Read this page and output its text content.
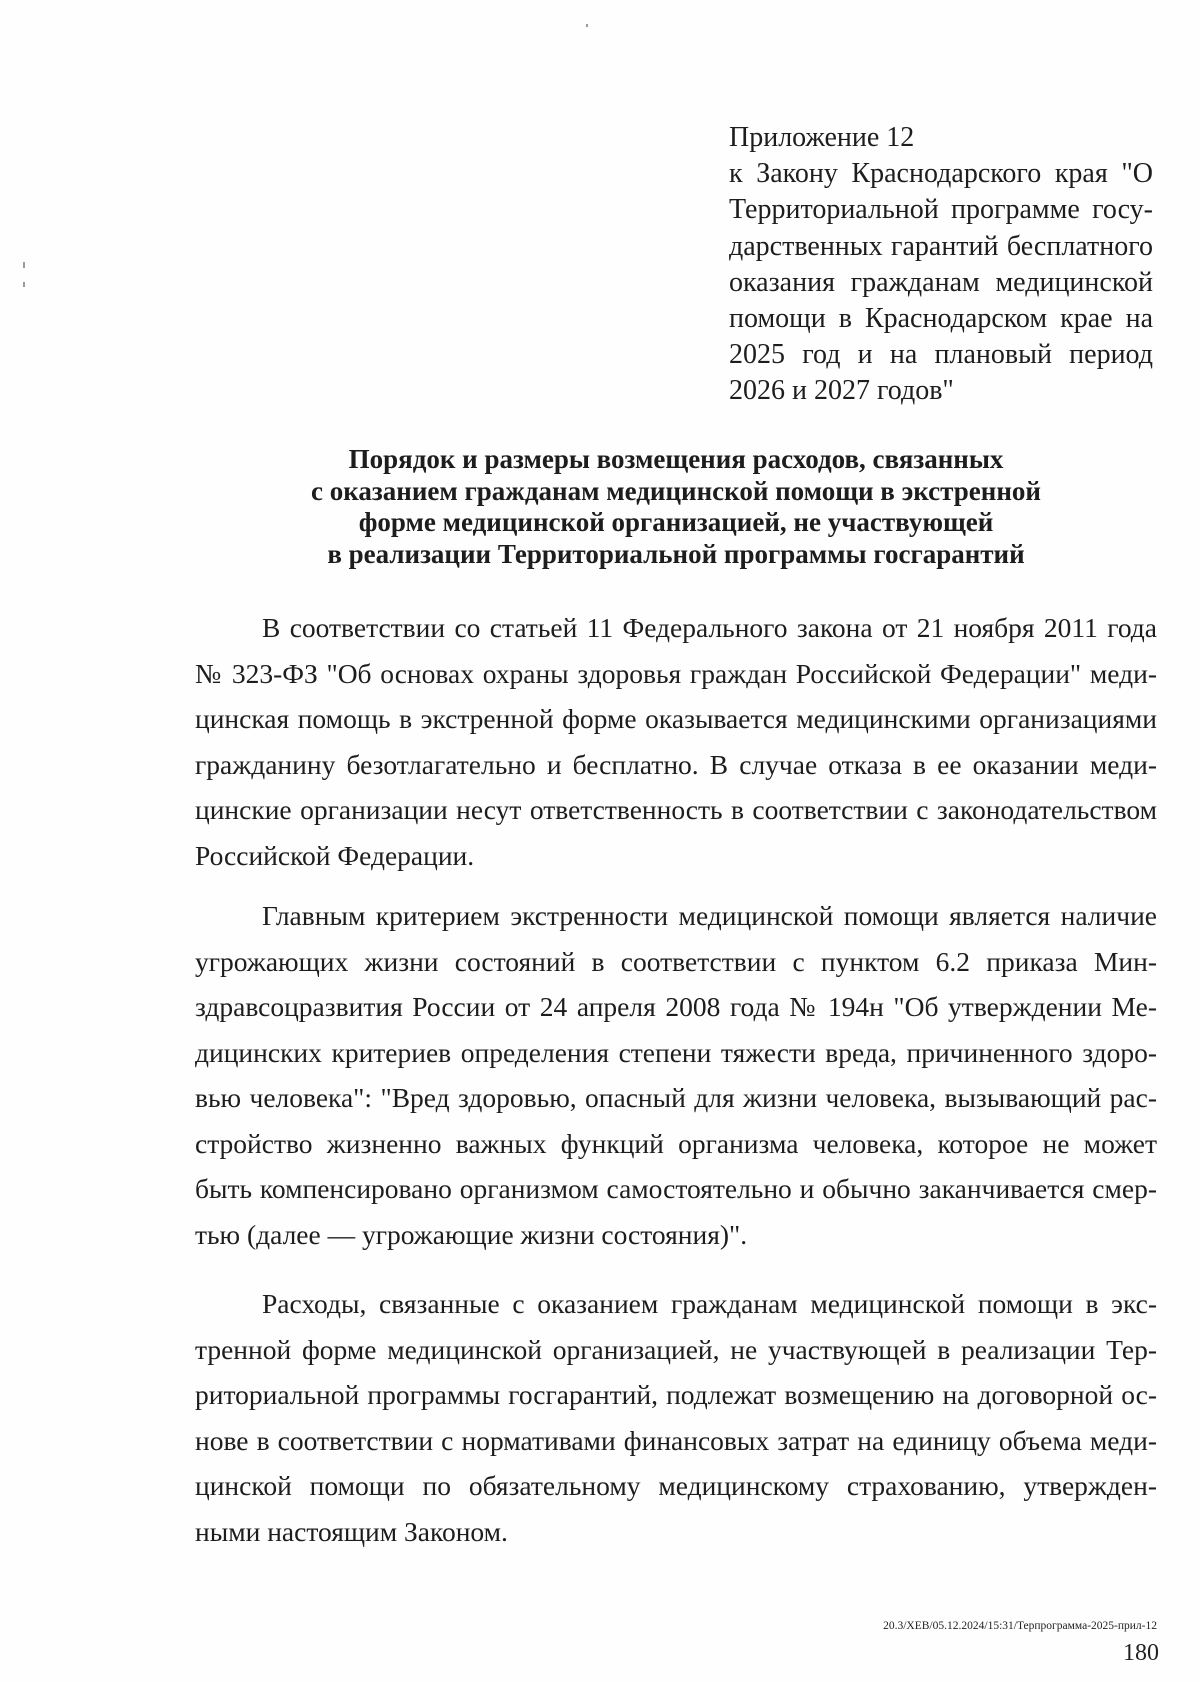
Приложение 12
к Закону Краснодарского края "О
Территориальной программе госу-
дарственных гарантий бесплатного
оказания гражданам медицинской
помощи в Краснодарском крае на
2025 год и на плановый период
2026 и 2027 годов"
Порядок и размеры возмещения расходов, связанных
с оказанием гражданам медицинской помощи в экстренной
форме медицинской организацией, не участвующей
в реализации Территориальной программы госгарантий
В соответствии со статьей 11 Федерального закона от 21 ноября 2011 года
№ 323-ФЗ "Об основах охраны здоровья граждан Российской Федерации" меди-
цинская помощь в экстренной форме оказывается медицинскими организациями
гражданину безотлагательно и бесплатно. В случае отказа в ее оказании меди-
цинские организации несут ответственность в соответствии с законодательством
Российской Федерации.
Главным критерием экстренности медицинской помощи является наличие
угрожающих жизни состояний в соответствии с пунктом 6.2 приказа Мин-
здравсоцразвития России от 24 апреля 2008 года № 194н "Об утверждении Ме-
дицинских критериев определения степени тяжести вреда, причиненного здоро-
вью человека": "Вред здоровью, опасный для жизни человека, вызывающий рас-
стройство жизненно важных функций организма человека, которое не может
быть компенсировано организмом самостоятельно и обычно заканчивается смер-
тью (далее — угрожающие жизни состояния)".
Расходы, связанные с оказанием гражданам медицинской помощи в экс-
тренной форме медицинской организацией, не участвующей в реализации Тер-
риториальной программы госгарантий, подлежат возмещению на договорной ос-
нове в соответствии с нормативами финансовых затрат на единицу объема меди-
цинской помощи по обязательному медицинскому страхованию, утвержден-
ными настоящим Законом.
20.3/ХЕВ/05.12.2024/15:31/Терпрограмма-2025-прил-12
180
